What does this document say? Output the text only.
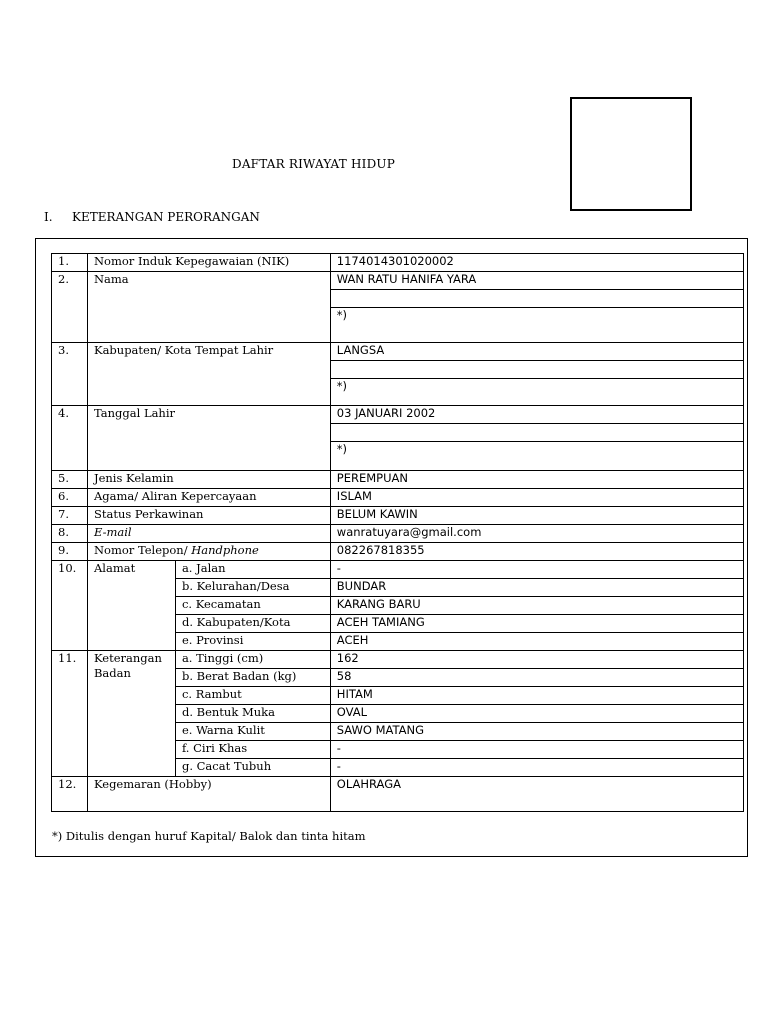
DAFTAR RIWAYAT HIDUP
I. KETERANGAN PERORANGAN
1.	Nomor Induk Kepegawaian (NIK)		1174014301020002
2.	Nama		WAN RATU HANIFA YARA

			*)
3.	Kabupaten/ Kota Tempat Lahir		LANGSA

			*)
4.	Tanggal Lahir		03 JANUARI 2002

			*)
5.	Jenis Kelamin		PEREMPUAN
6.	Agama/ Aliran Kepercayaan		ISLAM
7.	Status Perkawinan		BELUM KAWIN
8.	E-mail		wanratuyara@gmail.com
9.	Nomor Telepon/ Handphone		082267818355
10.	Alamat	a. Jalan	-
		b. Kelurahan/Desa	BUNDAR
		c. Kecamatan	KARANG BARU
		d. Kabupaten/Kota	ACEH TAMIANG
		e. Provinsi	ACEH
11.	Keterangan Badan	a. Tinggi (cm)	162
		b. Berat Badan (kg)	58
		c. Rambut	HITAM
		d. Bentuk Muka	OVAL
		e. Warna Kulit	SAWO MATANG
		f. Ciri Khas	-
		g. Cacat Tubuh	-
12.	Kegemaran (Hobby)		OLAHRAGA
*) Ditulis dengan huruf Kapital/ Balok dan tinta hitam
